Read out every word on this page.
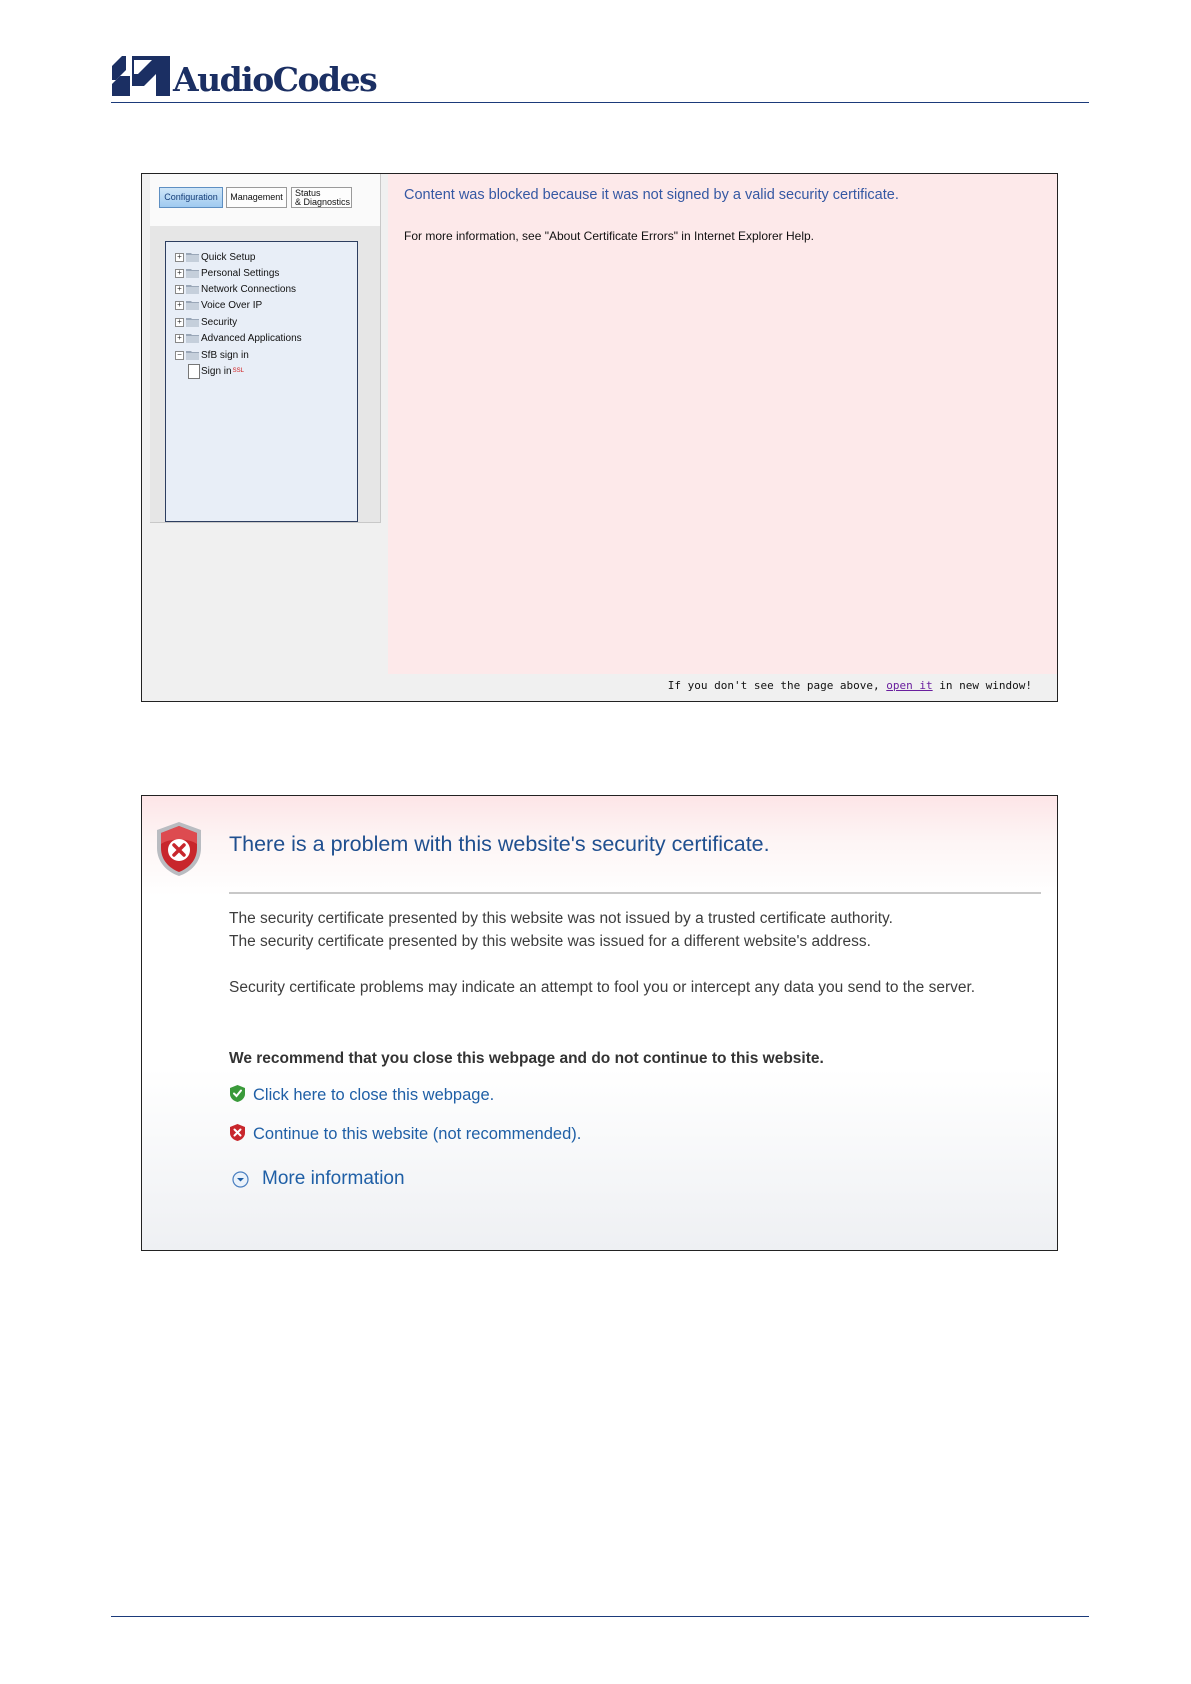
AudioCodes
Configuration Management Status
& Diagnostics
+ Quick Setup
+ Personal Settings
+ Network Connections
+ Voice Over IP
+ Security
+ Advanced Applications
− SfB sign in
Sign in SSL
Content was blocked because it was not signed by a valid security certificate.
For more information, see "About Certificate Errors" in Internet Explorer Help.
If you don't see the page above, open it in new window!
There is a problem with this website's security certificate.
The security certificate presented by this website was not issued by a trusted certificate authority.
The security certificate presented by this website was issued for a different website's address.
Security certificate problems may indicate an attempt to fool you or intercept any data you send to the server.
We recommend that you close this webpage and do not continue to this website.
Click here to close this webpage.
Continue to this website (not recommended).
More information
